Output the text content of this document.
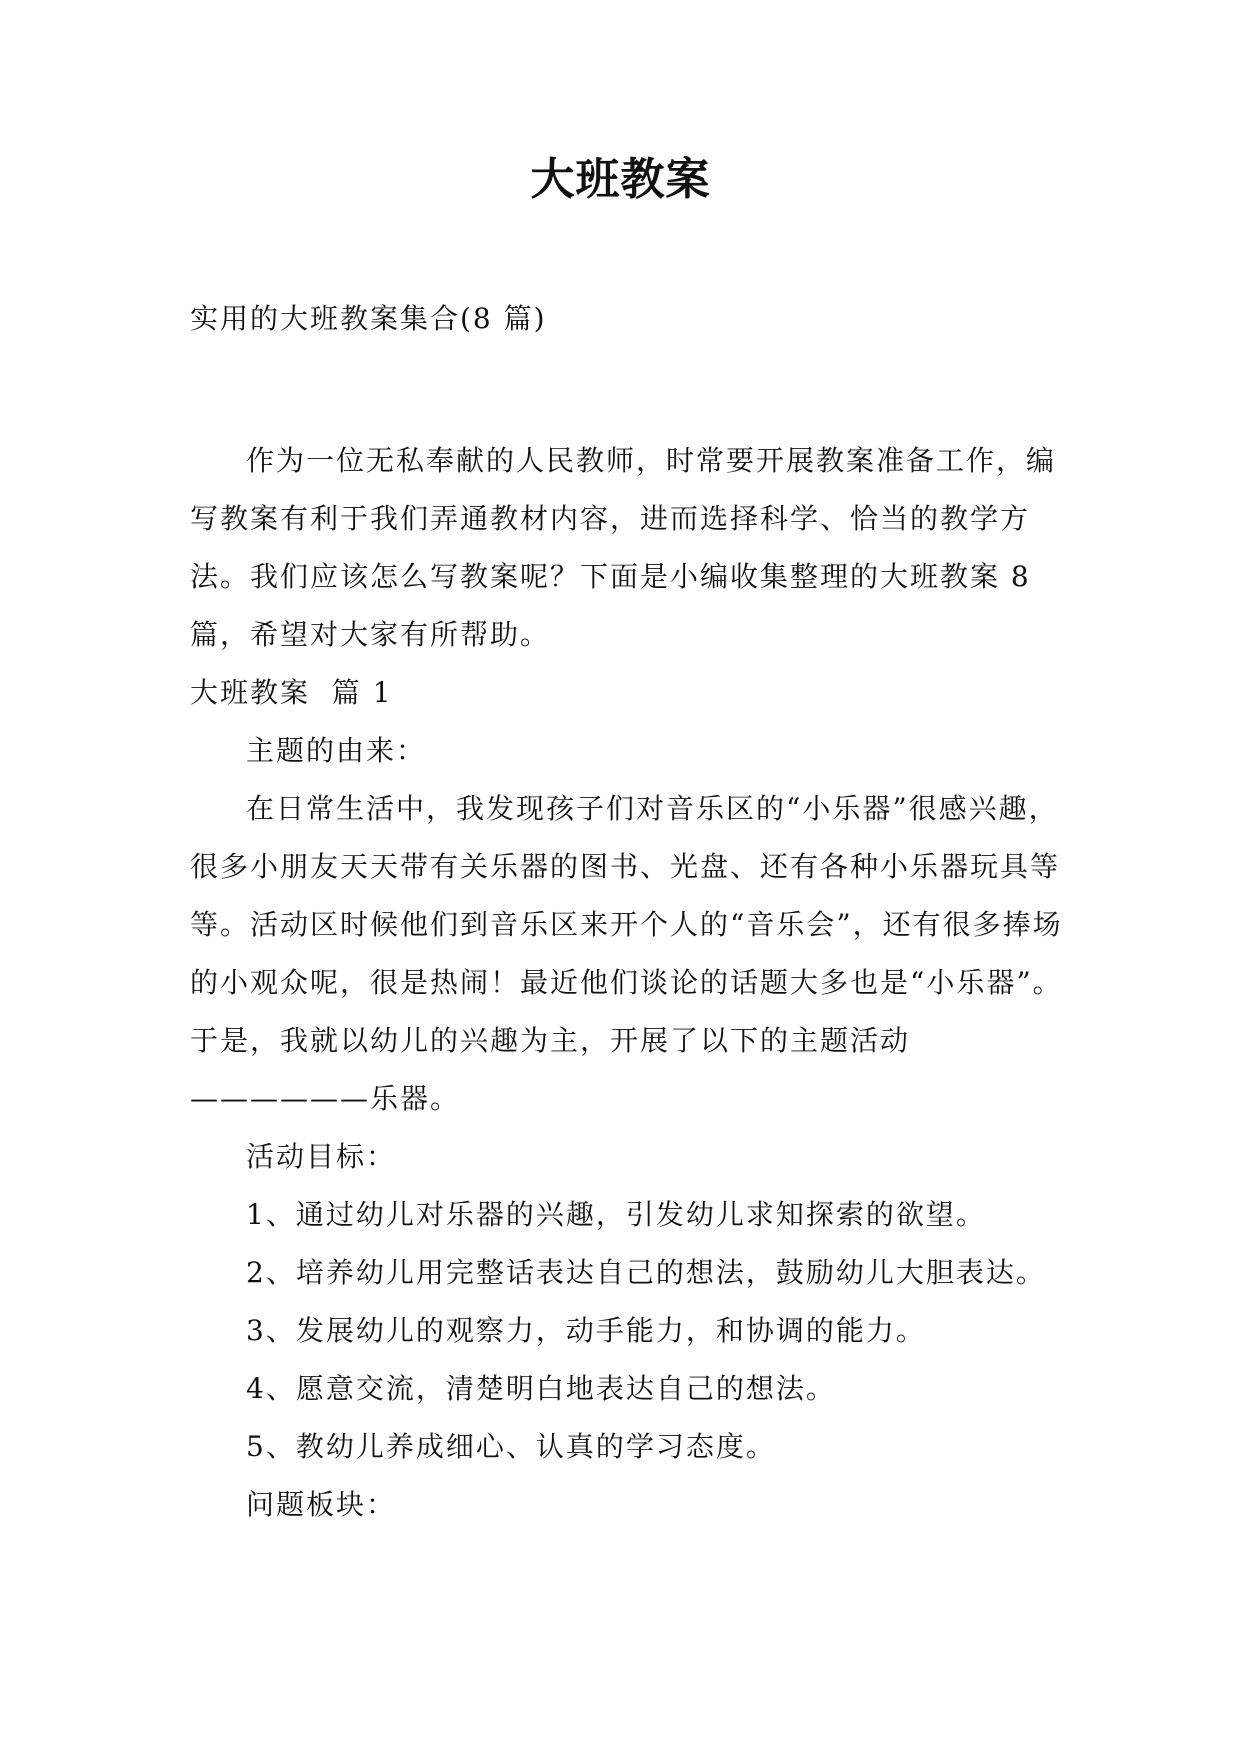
大班教案

实用的大班教案集合(8 篇)

作为一位无私奉献的人民教师，时常要开展教案准备工作，编写教案有利于我们弄通教材内容，进而选择科学、恰当的教学方法。我们应该怎么写教案呢？下面是小编收集整理的大班教案 8 篇，希望对大家有所帮助。

大班教案  篇 1

主题的由来：

在日常生活中，我发现孩子们对音乐区的“小乐器”很感兴趣，很多小朋友天天带有关乐器的图书、光盘、还有各种小乐器玩具等等。活动区时候他们到音乐区来开个人的“音乐会”，还有很多捧场的小观众呢，很是热闹！最近他们谈论的话题大多也是“小乐器”。于是，我就以幼儿的兴趣为主，开展了以下的主题活动——————乐器。

活动目标：

1、通过幼儿对乐器的兴趣，引发幼儿求知探索的欲望。

2、培养幼儿用完整话表达自己的想法，鼓励幼儿大胆表达。

3、发展幼儿的观察力，动手能力，和协调的能力。

4、愿意交流，清楚明白地表达自己的想法。

5、教幼儿养成细心、认真的学习态度。

问题板块：
